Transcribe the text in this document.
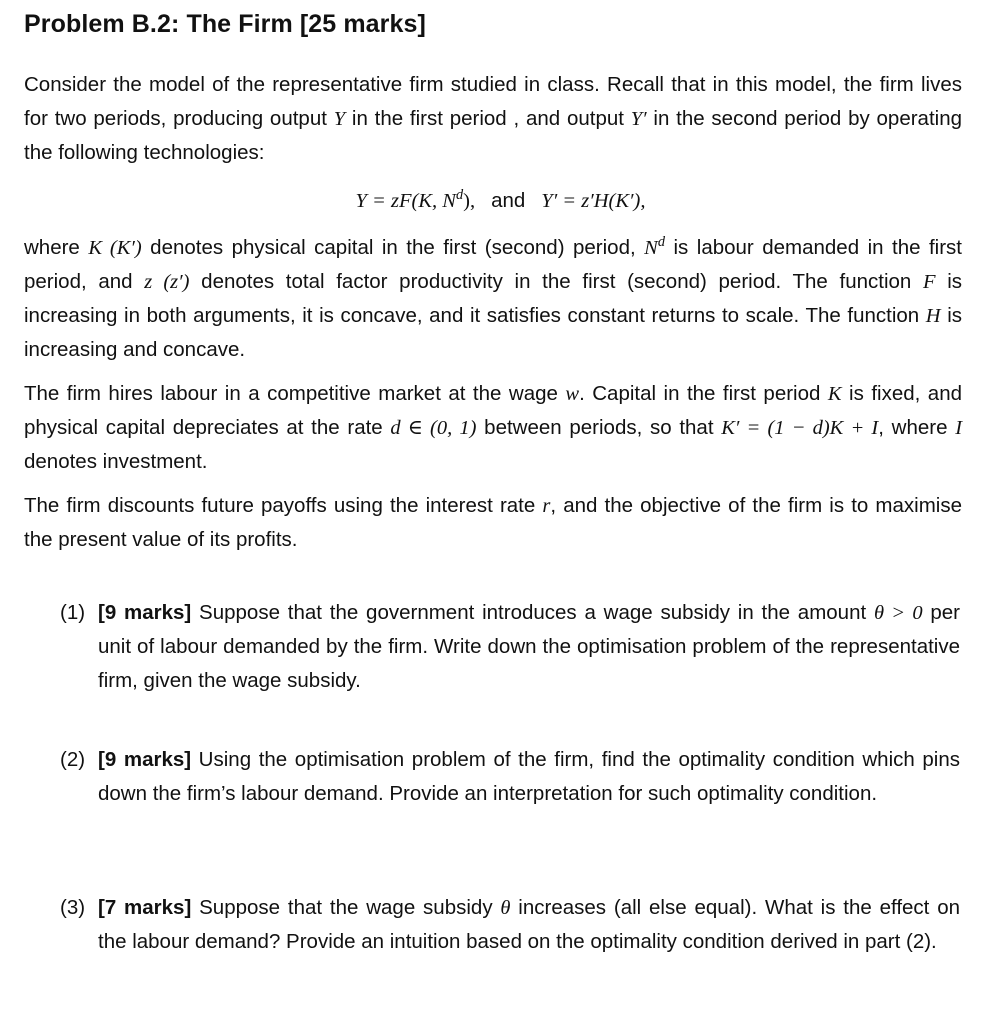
Problem B.2: The Firm [25 marks]
Consider the model of the representative firm studied in class. Recall that in this model, the firm lives for two periods, producing output Y in the first period , and output Y′ in the second period by operating the following technologies:
Y = zF(K, $N^d$), and Y′ = z′H(K′),
where K (K′) denotes physical capital in the first (second) period, $N^d$ is labour demanded in the first period, and z (z′) denotes total factor productivity in the first (second) period. The function F is increasing in both arguments, it is concave, and it satisfies constant returns to scale. The function H is increasing and concave.
The firm hires labour in a competitive market at the wage w. Capital in the first period K is fixed, and physical capital depreciates at the rate d ∈ (0, 1) between periods, so that K′ = (1 − d)K + I, where I denotes investment.
The firm discounts future payoffs using the interest rate r, and the objective of the firm is to maximise the present value of its profits.
(1) [9 marks] Suppose that the government introduces a wage subsidy in the amount θ > 0 per unit of labour demanded by the firm. Write down the optimisation problem of the representative firm, given the wage subsidy.
(2) [9 marks] Using the optimisation problem of the firm, find the optimality condition which pins down the firm’s labour demand. Provide an interpretation for such optimality condition.
(3) [7 marks] Suppose that the wage subsidy θ increases (all else equal). What is the effect on the labour demand? Provide an intuition based on the optimality condition derived in part (2).
